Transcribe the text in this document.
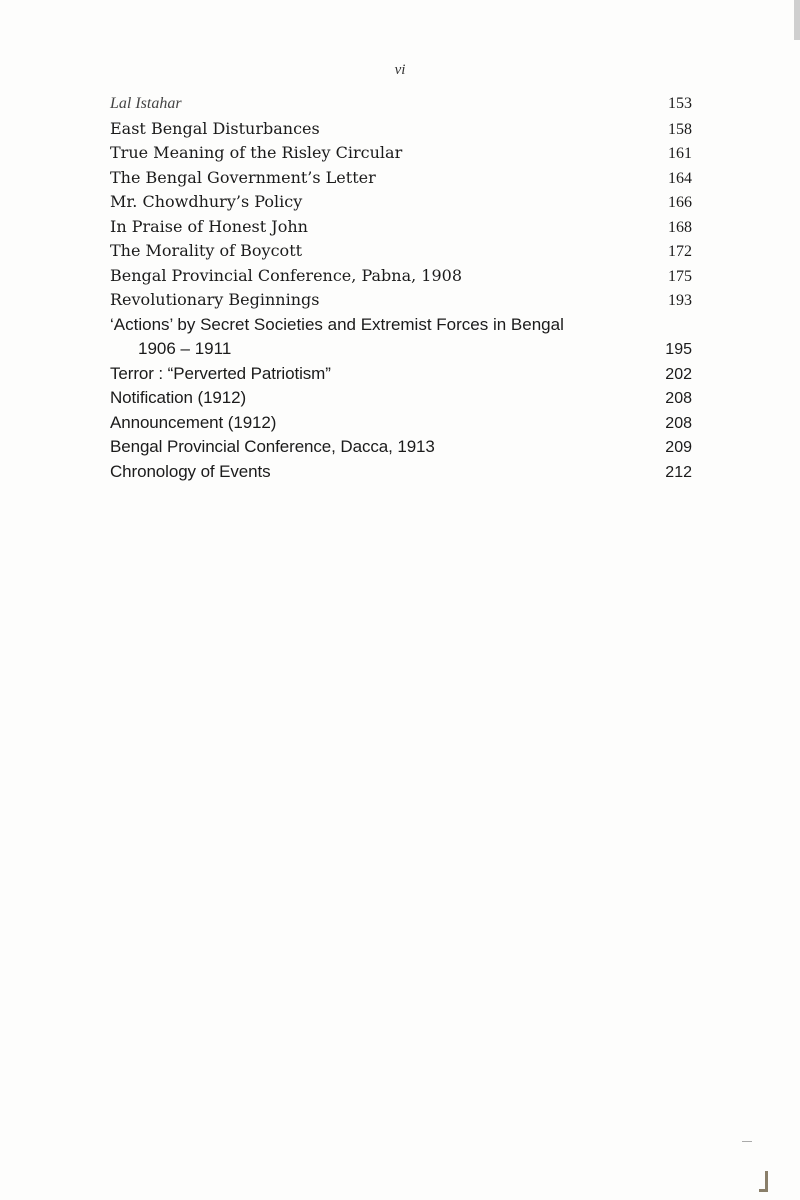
vi
Lal Istahar	153
East Bengal Disturbances	158
True Meaning of the Risley Circular	161
The Bengal Government’s Letter	164
Mr. Chowdhury’s Policy	166
In Praise of Honest John	168
The Morality of Boycott	172
Bengal Provincial Conference, Pabna, 1908	175
Revolutionary Beginnings	193
‘Actions’ by Secret Societies and Extremist Forces in Bengal
1906 – 1911	195
Terror : “Perverted Patriotism”	202
Notification (1912)	208
Announcement (1912)	208
Bengal Provincial Conference, Dacca, 1913	209
Chronology of Events	212
